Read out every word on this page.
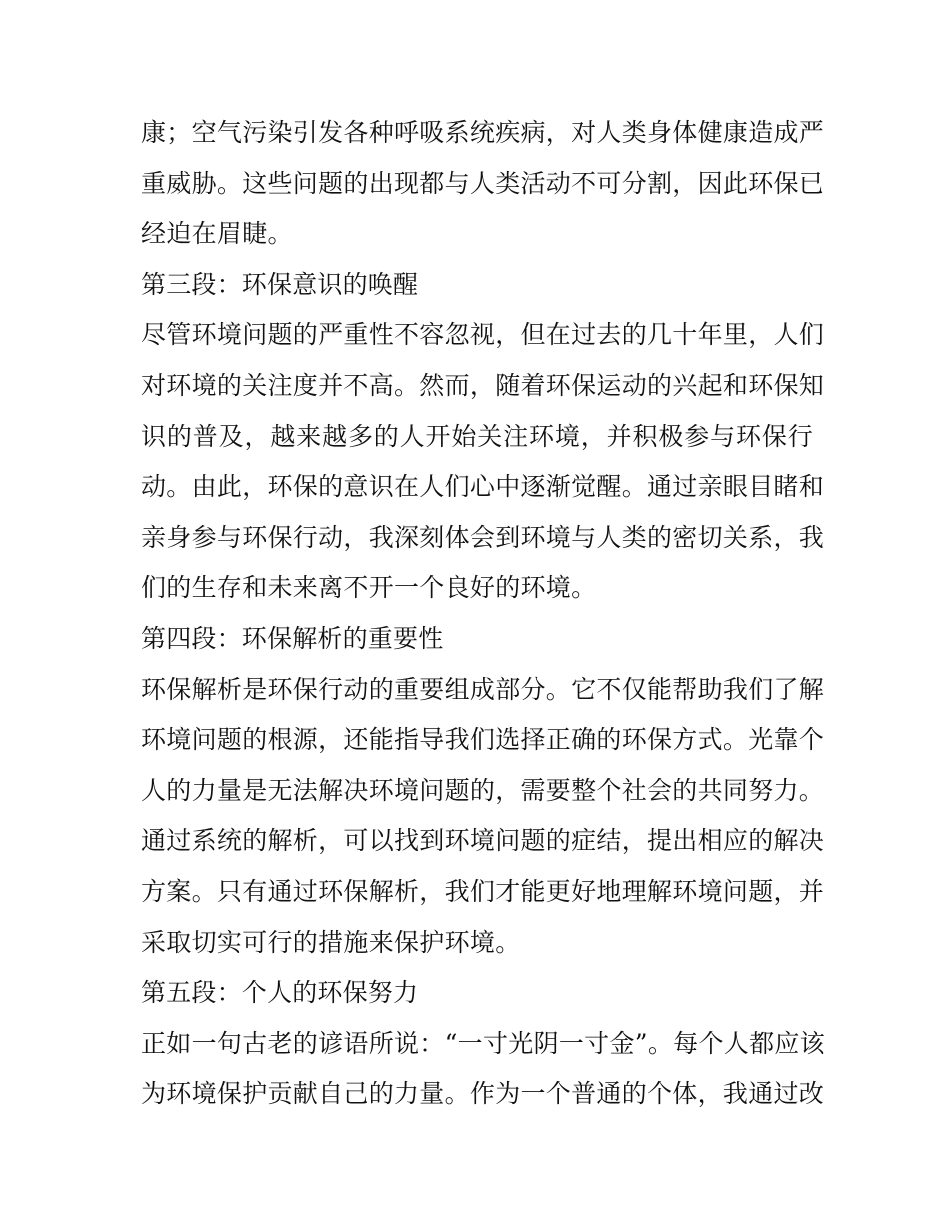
康；空气污染引发各种呼吸系统疾病，对人类身体健康造成严
重威胁。这些问题的出现都与人类活动不可分割，因此环保已
经迫在眉睫。
第三段：环保意识的唤醒
尽管环境问题的严重性不容忽视，但在过去的几十年里，人们
对环境的关注度并不高。然而，随着环保运动的兴起和环保知
识的普及，越来越多的人开始关注环境，并积极参与环保行
动。由此，环保的意识在人们心中逐渐觉醒。通过亲眼目睹和
亲身参与环保行动，我深刻体会到环境与人类的密切关系，我
们的生存和未来离不开一个良好的环境。
第四段：环保解析的重要性
环保解析是环保行动的重要组成部分。它不仅能帮助我们了解
环境问题的根源，还能指导我们选择正确的环保方式。光靠个
人的力量是无法解决环境问题的，需要整个社会的共同努力。
通过系统的解析，可以找到环境问题的症结，提出相应的解决
方案。只有通过环保解析，我们才能更好地理解环境问题，并
采取切实可行的措施来保护环境。
第五段：个人的环保努力
正如一句古老的谚语所说：“一寸光阴一寸金”。每个人都应该
为环境保护贡献自己的力量。作为一个普通的个体，我通过改
